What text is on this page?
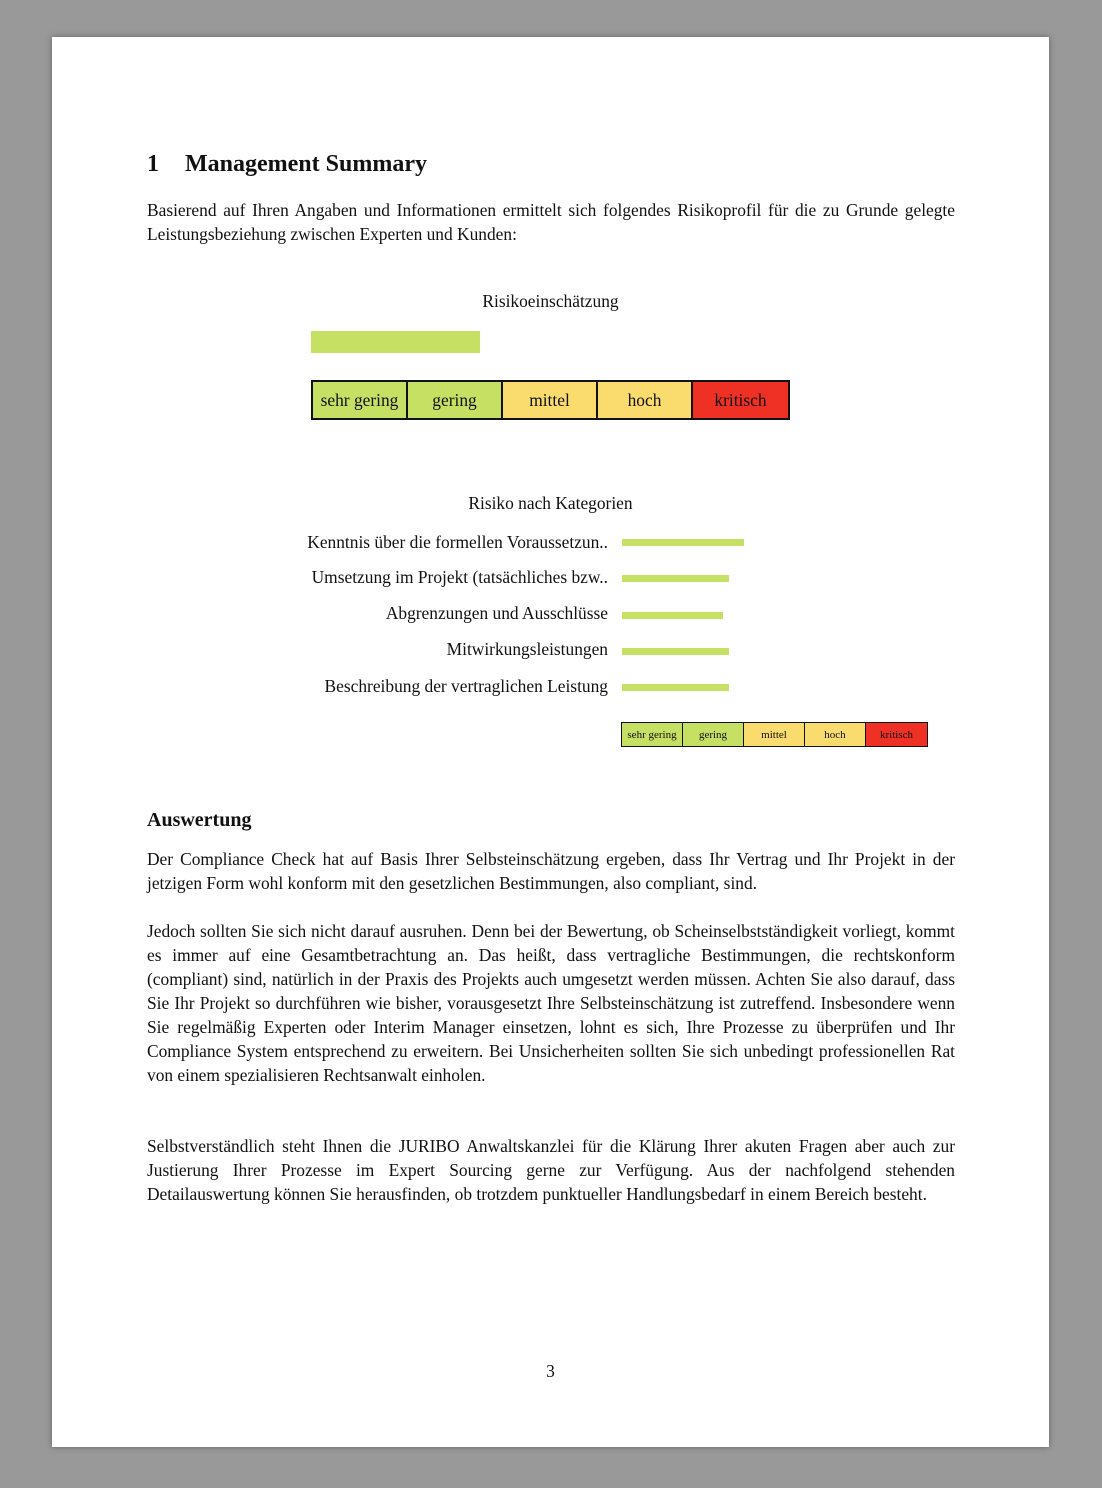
1 Management Summary
Basierend auf Ihren Angaben und Informationen ermittelt sich folgendes Risikoprofil für die zu Grunde gelegte Leistungsbeziehung zwischen Experten und Kunden:
Risikoeinschätzung
sehr gering	gering	mittel	hoch	kritisch
Risiko nach Kategorien
Kenntnis über die formellen Voraussetzun..
Umsetzung im Projekt (tatsächliches bzw..
Abgrenzungen und Ausschlüsse
Mitwirkungsleistungen
Beschreibung der vertraglichen Leistung
sehr gering	gering	mittel	hoch	kritisch
Auswertung
Der Compliance Check hat auf Basis Ihrer Selbsteinschätzung ergeben, dass Ihr Vertrag und Ihr Projekt in der jetzigen Form wohl konform mit den gesetzlichen Bestimmungen, also compliant, sind.
Jedoch sollten Sie sich nicht darauf ausruhen. Denn bei der Bewertung, ob Scheinselbstständigkeit vorliegt, kommt es immer auf eine Gesamtbetrachtung an. Das heißt, dass vertragliche Bestimmungen, die rechtskonform (compliant) sind, natürlich in der Praxis des Projekts auch umgesetzt werden müssen. Achten Sie also darauf, dass Sie Ihr Projekt so durchführen wie bisher, vorausgesetzt Ihre Selbsteinschätzung ist zutreffend. Insbesondere wenn Sie regelmäßig Experten oder Interim Manager einsetzen, lohnt es sich, Ihre Prozesse zu überprüfen und Ihr Compliance System entsprechend zu erweitern. Bei Unsicherheiten sollten Sie sich unbedingt professionellen Rat von einem spezialisieren Rechtsanwalt einholen.
Selbstverständlich steht Ihnen die JURIBO Anwaltskanzlei für die Klärung Ihrer akuten Fragen aber auch zur Justierung Ihrer Prozesse im Expert Sourcing gerne zur Verfügung. Aus der nachfolgend stehenden Detailauswertung können Sie herausfinden, ob trotzdem punktueller Handlungsbedarf in einem Bereich besteht.
3
